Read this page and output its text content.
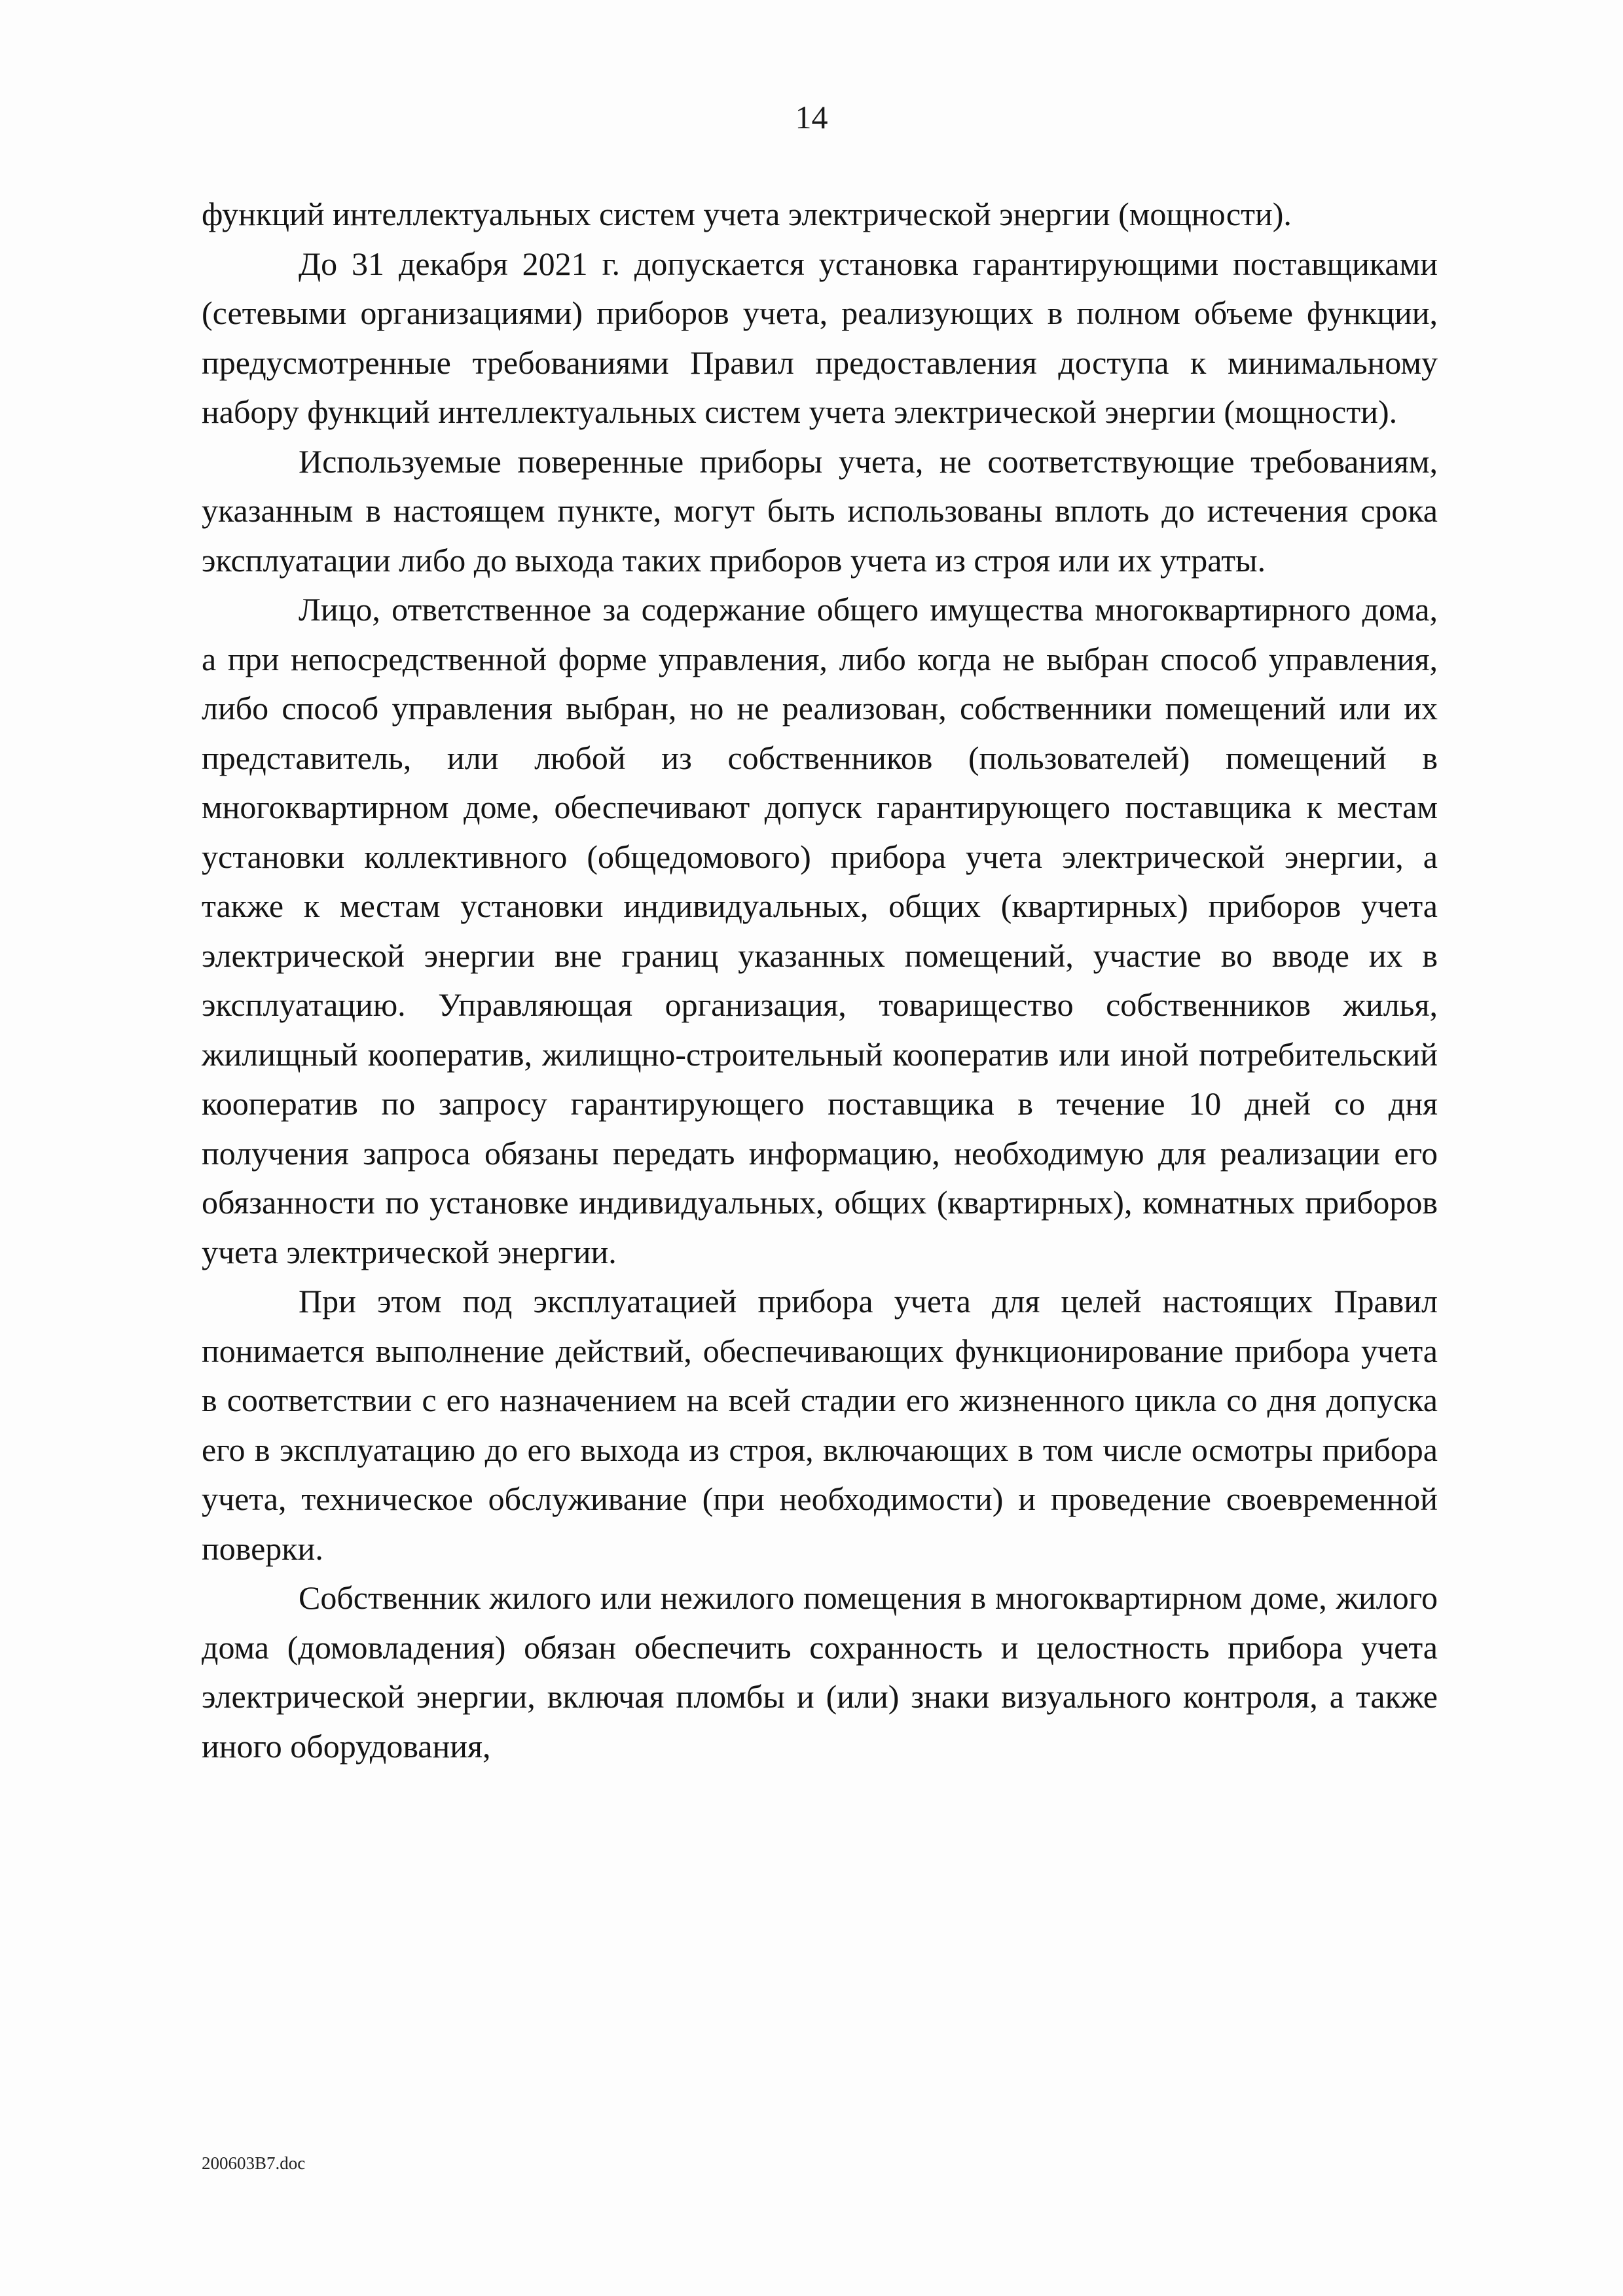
14

функций интеллектуальных систем учета электрической энергии (мощности).

До 31 декабря 2021 г. допускается установка гарантирующими поставщиками (сетевыми организациями) приборов учета, реализующих в полном объеме функции, предусмотренные требованиями Правил предоставления доступа к минимальному набору функций интеллектуальных систем учета электрической энергии (мощности).

Используемые поверенные приборы учета, не соответствующие требованиям, указанным в настоящем пункте, могут быть использованы вплоть до истечения срока эксплуатации либо до выхода таких приборов учета из строя или их утраты.

Лицо, ответственное за содержание общего имущества многоквартирного дома, а при непосредственной форме управления, либо когда не выбран способ управления, либо способ управления выбран, но не реализован, собственники помещений или их представитель, или любой из собственников (пользователей) помещений в многоквартирном доме, обеспечивают допуск гарантирующего поставщика к местам установки коллективного (общедомового) прибора учета электрической энергии, а также к местам установки индивидуальных, общих (квартирных) приборов учета электрической энергии вне границ указанных помещений, участие во вводе их в эксплуатацию. Управляющая организация, товарищество собственников жилья, жилищный кооператив, жилищно-строительный кооператив или иной потребительский кооператив по запросу гарантирующего поставщика в течение 10 дней со дня получения запроса обязаны передать информацию, необходимую для реализации его обязанности по установке индивидуальных, общих (квартирных), комнатных приборов учета электрической энергии.

При этом под эксплуатацией прибора учета для целей настоящих Правил понимается выполнение действий, обеспечивающих функционирование прибора учета в соответствии с его назначением на всей стадии его жизненного цикла со дня допуска его в эксплуатацию до его выхода из строя, включающих в том числе осмотры прибора учета, техническое обслуживание (при необходимости) и проведение своевременной поверки.

Собственник жилого или нежилого помещения в многоквартирном доме, жилого дома (домовладения) обязан обеспечить сохранность и целостность прибора учета электрической энергии, включая пломбы и (или) знаки визуального контроля, а также иного оборудования,

200603В7.doc
